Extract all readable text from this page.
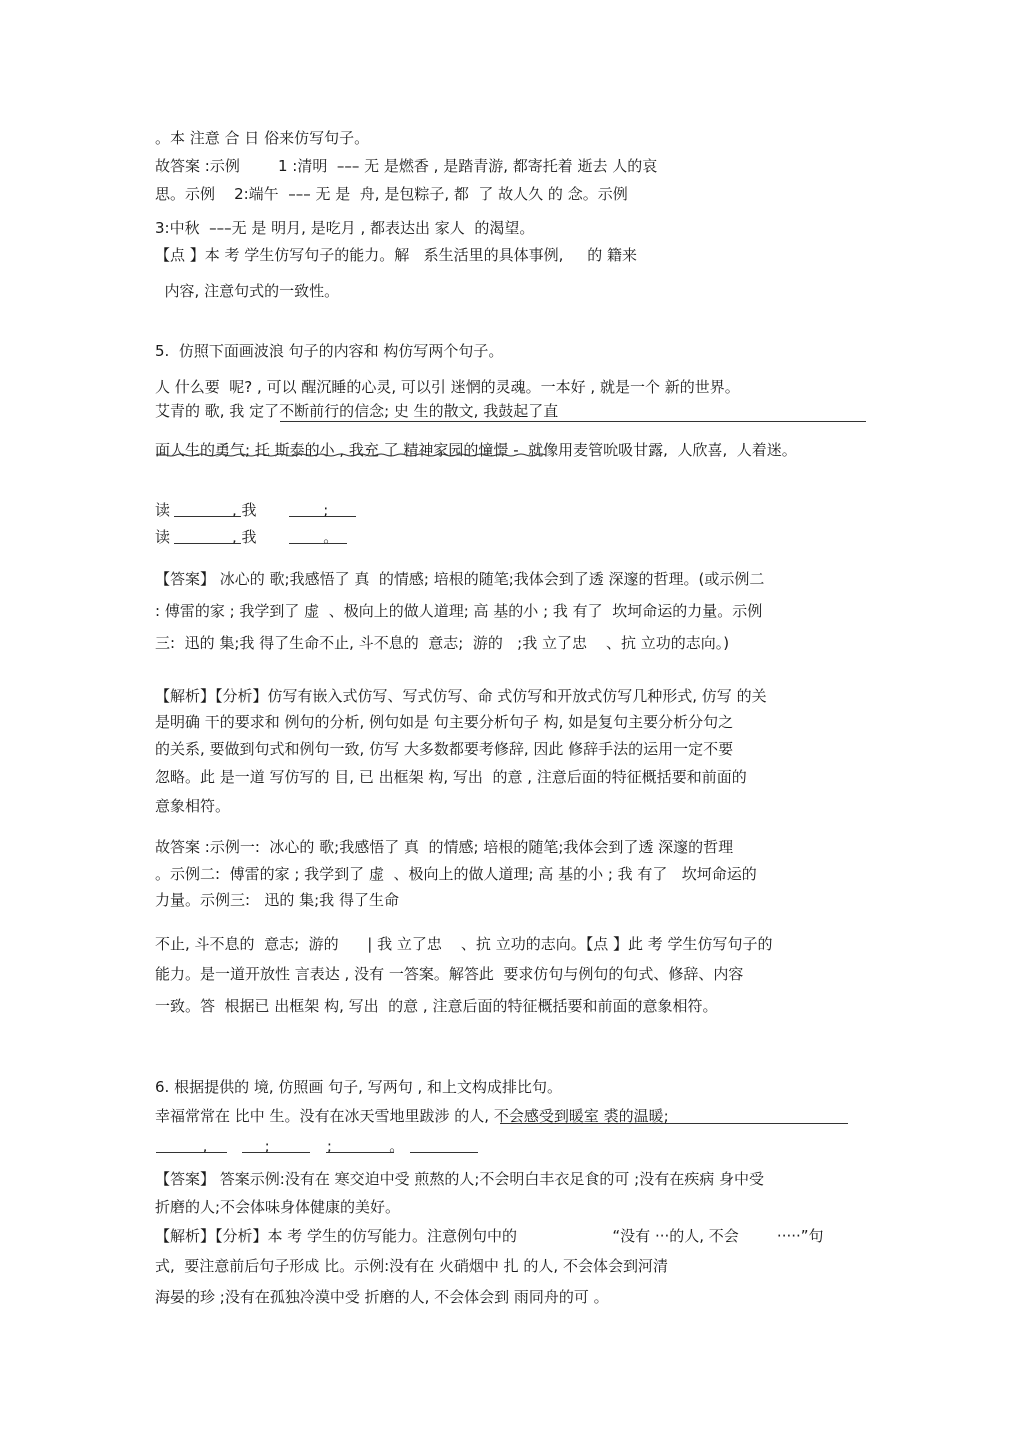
。本 注意 合 日 俗来仿写句子。
故答案 :示例        1 :清明  ––– 无 是燃香 , 是踏青游, 都寄托着 逝去 人的哀
思。示例    2:端午  ––– 无 是  舟, 是包粽子, 都  了 故人久 的 念。示例
3:中秋  –––无 是 明月, 是吃月 , 都表达出 家人  的渴望。
【点 】本 考 学生仿写句子的能力。解   系生活里的具体事例,     的 籍来
内容, 注意句式的一致性。
5.  仿照下面画波浪 句子的内容和 构仿写两个句子。
人 什么要  呢? , 可以 醒沉睡的心灵, 可以引 迷惘的灵魂。一本好 , 就是一个 新的世界。
艾青的 歌, 我 定了不断前行的信念; 史 生的散文, 我鼓起了直
面人生的勇气; 托 斯泰的小 , 我充 了 精神家园的憧憬 -  就像用麦管吮吸甘露,  人欣喜,  人着迷。
读             , 我              ;
读             , 我              。
【答案】 冰心的 歌;我感悟了 真  的情感; 培根的随笔;我体会到了透 深邃的哲理。(或示例二
: 傅雷的家 ; 我学到了 虚  、极向上的做人道理; 高 基的小 ; 我 有了  坎坷命运的力量。示例
三:  迅的 集;我 得了生命不止, 斗不息的  意志;  游的   ;我 立了忠    、抗 立功的志向。)
【解析】【分析】仿写有嵌入式仿写、写式仿写、命 式仿写和开放式仿写几种形式, 仿写 的关
是明确 干的要求和 例句的分析, 例句如是 句主要分析句子 构, 如是复句主要分析分句之
的关系, 要做到句式和例句一致, 仿写 大多数都要考修辞, 因此 修辞手法的运用一定不要
忽略。此 是一道 写仿写的 目, 已 出框架 构, 写出  的意 , 注意后面的特征概括要和前面的
意象相符。
故答案 :示例一:  冰心的 歌;我感悟了 真  的情感; 培根的随笔;我体会到了透 深邃的哲理
。示例二:  傅雷的家 ; 我学到了 虚  、极向上的做人道理; 高 基的小 ; 我 有了   坎坷命运的
力量。示例三:   迅的 集;我 得了生命
不止, 斗不息的  意志;  游的      | 我 立了忠    、抗 立功的志向。【点 】此 考 学生仿写句子的
能力。是一道开放性 言表达 , 没有 一答案。解答此  要求仿句与例句的句式、修辞、内容
一致。答  根据已 出框架 构, 写出  的意 , 注意后面的特征概括要和前面的意象相符。
6. 根据提供的 境, 仿照画 句子, 写两句 , 和上文构成排比句。
幸福常常在 比中 生。没有在冰天雪地里跋涉 的人, 不会感受到暖室 裘的温暖;
,            ;            ;            。
【答案】 答案示例:没有在 寒交迫中受 煎熬的人;不会明白丰衣足食的可 ;没有在疾病 身中受
折磨的人;不会体味身体健康的美好。
【解析】【分析】本 考 学生的仿写能力。注意例句中的                    “没有 ···的人, 不会        ·····”句
式,  要注意前后句子形成 比。示例:没有在 火硝烟中 扎 的人, 不会体会到河清
海晏的珍 ;没有在孤独冷漠中受 折磨的人, 不会体会到 雨同舟的可 。
